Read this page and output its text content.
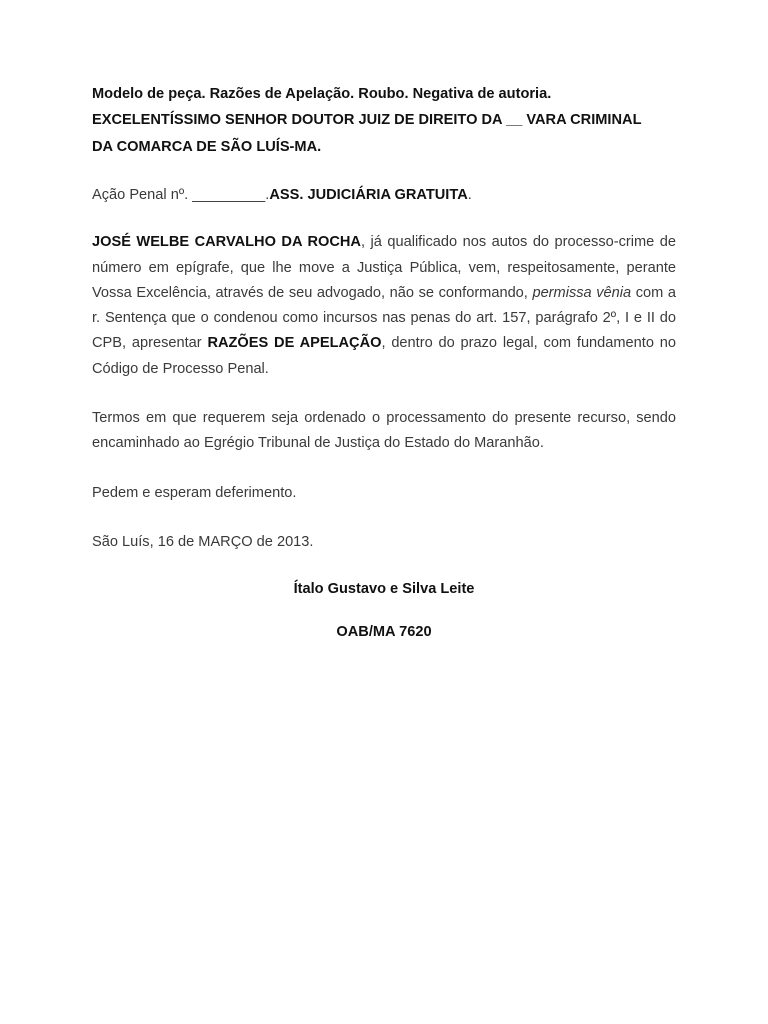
Modelo de peça. Razões de Apelação. Roubo. Negativa de autoria.

EXCELENTÍSSIMO SENHOR DOUTOR JUIZ DE DIREITO DA __ VARA CRIMINAL

DA COMARCA DE SÃO LUÍS-MA.

Ação Penal nº. _________.ASS. JUDICIÁRIA GRATUITA.

JOSÉ WELBE CARVALHO DA ROCHA, já qualificado nos autos do processo-crime de número em epígrafe, que lhe move a Justiça Pública, vem, respeitosamente, perante Vossa Excelência, através de seu advogado, não se conformando, permissa vênia com a r. Sentença que o condenou como incursos nas penas do art. 157, parágrafo 2º, I e II do CPB, apresentar RAZÕES DE APELAÇÃO, dentro do prazo legal, com fundamento no Código de Processo Penal.

Termos em que requerem seja ordenado o processamento do presente recurso, sendo encaminhado ao Egrégio Tribunal de Justiça do Estado do Maranhão.

Pedem e esperam deferimento.

São Luís, 16 de MARÇO de 2013.

Ítalo Gustavo e Silva Leite

OAB/MA 7620
